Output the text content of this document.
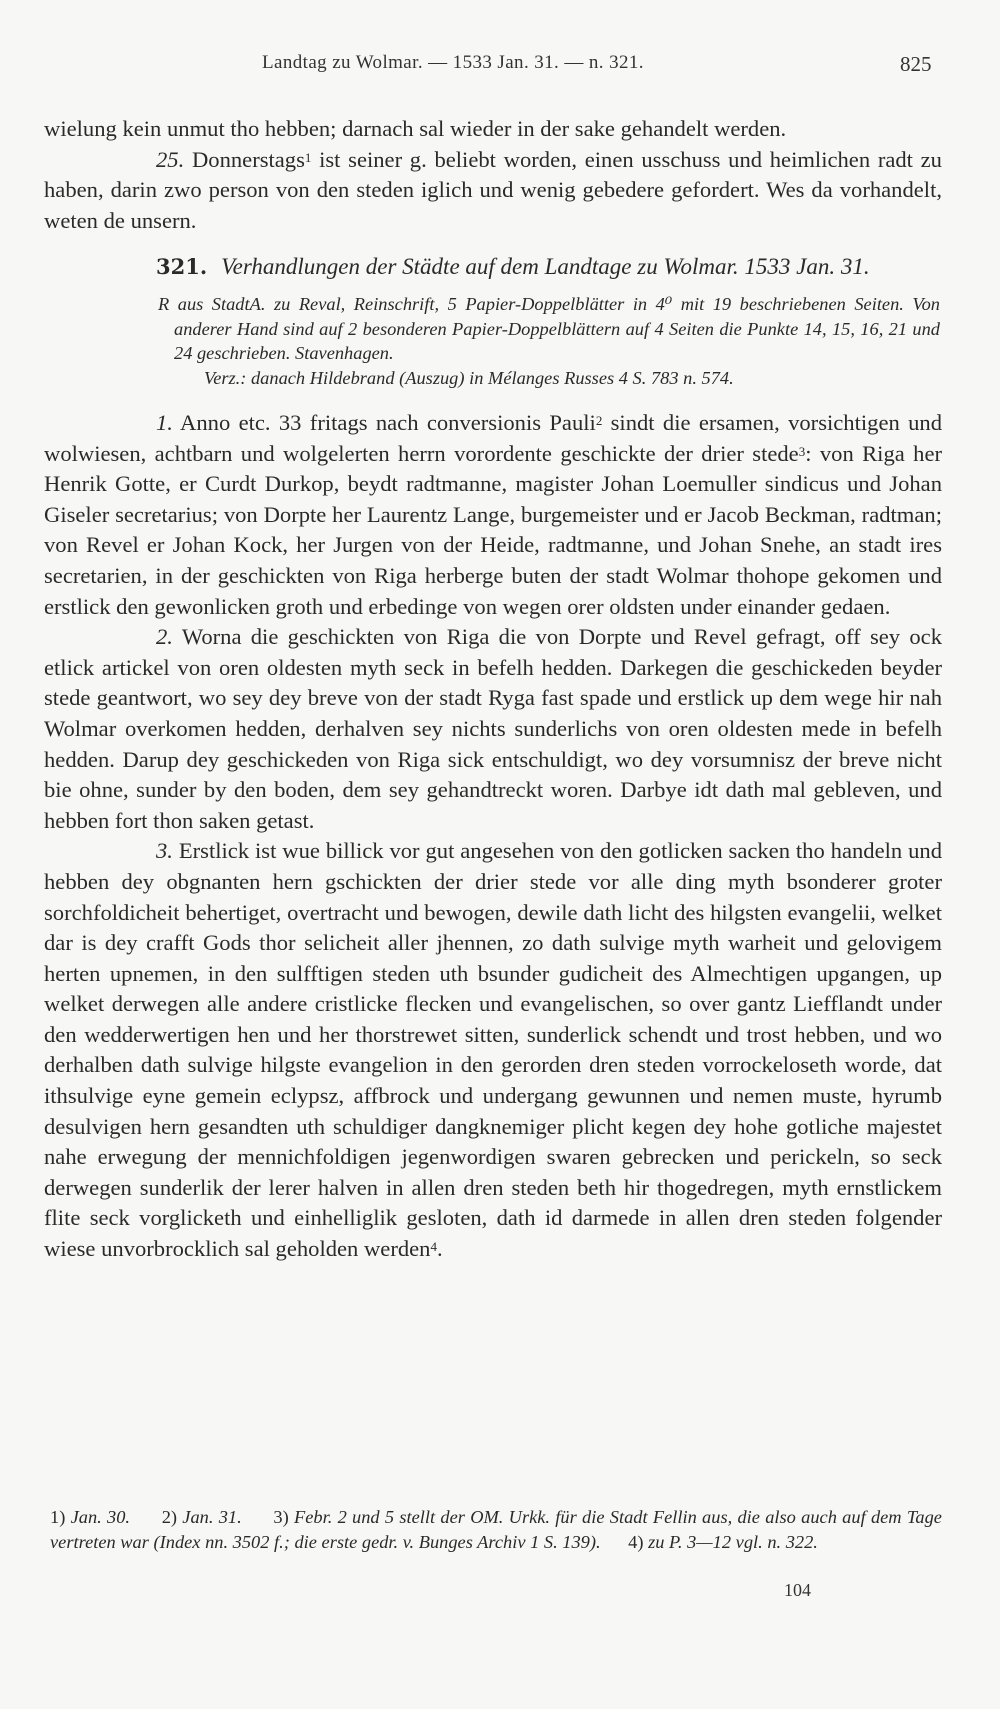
Landtag zu Wolmar. — 1533 Jan. 31. — n. 321.	825

wielung kein unmut tho hebben; darnach sal wieder in der sake gehandelt werden.

25. Donnerstags$^1$ ist seiner g. beliebt worden, einen usschuss und heimlichen radt zu haben, darin zwo person von den steden iglich und wenig gebedere gefordert. Wes da vorhandelt, weten de unsern.

321. Verhandlungen der Städte auf dem Landtage zu Wolmar. 1533 Jan. 31.

R aus StadtA. zu Reval, Reinschrift, 5 Papier-Doppelblätter in 4⁰ mit 19 beschriebenen Seiten. Von anderer Hand sind auf 2 besonderen Papier-Doppelblättern auf 4 Seiten die Punkte 14, 15, 16, 21 und 24 geschrieben. Stavenhagen.

Verz.: danach Hildebrand (Auszug) in Mélanges Russes 4 S. 783 n. 574.

1. Anno etc. 33 fritags nach conversionis Pauli$^2$ sindt die ersamen, vorsichtigen und wolwiesen, achtbarn und wolgelerten herrn vorordente geschickte der drier stede$^3$: von Riga her Henrik Gotte, er Curdt Durkop, beydt radtmanne, magister Johan Loemuller sindicus und Johan Giseler secretarius; von Dorpte her Laurentz Lange, burgemeister und er Jacob Beckman, radtman; von Revel er Johan Kock, her Jurgen von der Heide, radtmanne, und Johan Snehe, an stadt ires secretarien, in der geschickten von Riga herberge buten der stadt Wolmar thohope gekomen und erstlick den gewonlicken groth und erbedinge von wegen orer oldsten under einander gedaen.

2. Worna die geschickten von Riga die von Dorpte und Revel gefragt, off sey ock etlick artickel von oren oldesten myth seck in befelh hedden. Darkegen die geschickeden beyder stede geantwort, wo sey dey breve von der stadt Ryga fast spade und erstlick up dem wege hir nah Wolmar overkomen hedden, derhalven sey nichts sunderlichs von oren oldesten mede in befelh hedden. Darup dey geschickeden von Riga sick entschuldigt, wo dey vorsumnisz der breve nicht bie ohne, sunder by den boden, dem sey gehandtreckt woren. Darbye idt dath mal gebleven, und hebben fort thon saken getast.

3. Erstlick ist wue billick vor gut angesehen von den gotlicken sacken tho handeln und hebben dey obgnanten hern gschickten der drier stede vor alle ding myth bsonderer groter sorchfoldicheit behertiget, overtracht und bewogen, dewile dath licht des hilgsten evangelii, welket dar is dey crafft Gods thor selicheit aller jhennen, zo dath sulvige myth warheit und gelovigem herten upnemen, in den sulfftigen steden uth bsunder gudicheit des Almechtigen upgangen, up welket derwegen alle andere cristlicke flecken und evangelischen, so over gantz Liefflandt under den wedderwertigen hen und her thorstrewet sitten, sunderlick schendt und trost hebben, und wo derhalben dath sulvige hilgste evangelion in den gerorden dren steden vorrockeloseth worde, dat ithsulvige eyne gemein eclypsz, affbrock und undergang gewunnen und nemen muste, hyrumb desulvigen hern gesandten uth schuldiger dangknemiger plicht kegen dey hohe gotliche majestet nahe erwegung der mennichfoldigen jegenwordigen swaren gebrecken und perickeln, so seck derwegen sunderlik der lerer halven in allen dren steden beth hir thogedregen, myth ernstlickem flite seck vorglicketh und einhelliglik gesloten, dath id darmede in allen dren steden folgender wiese unvorbrocklich sal geholden werden$^4$.

1) Jan. 30. 2) Jan. 31. 3) Febr. 2 und 5 stellt der OM. Urkk. für die Stadt Fellin aus, die also auch auf dem Tage vertreten war (Index nn. 3502 f.; die erste gedr. v. Bunges Archiv 1 S. 139). 4) zu P. 3—12 vgl. n. 322.
104
